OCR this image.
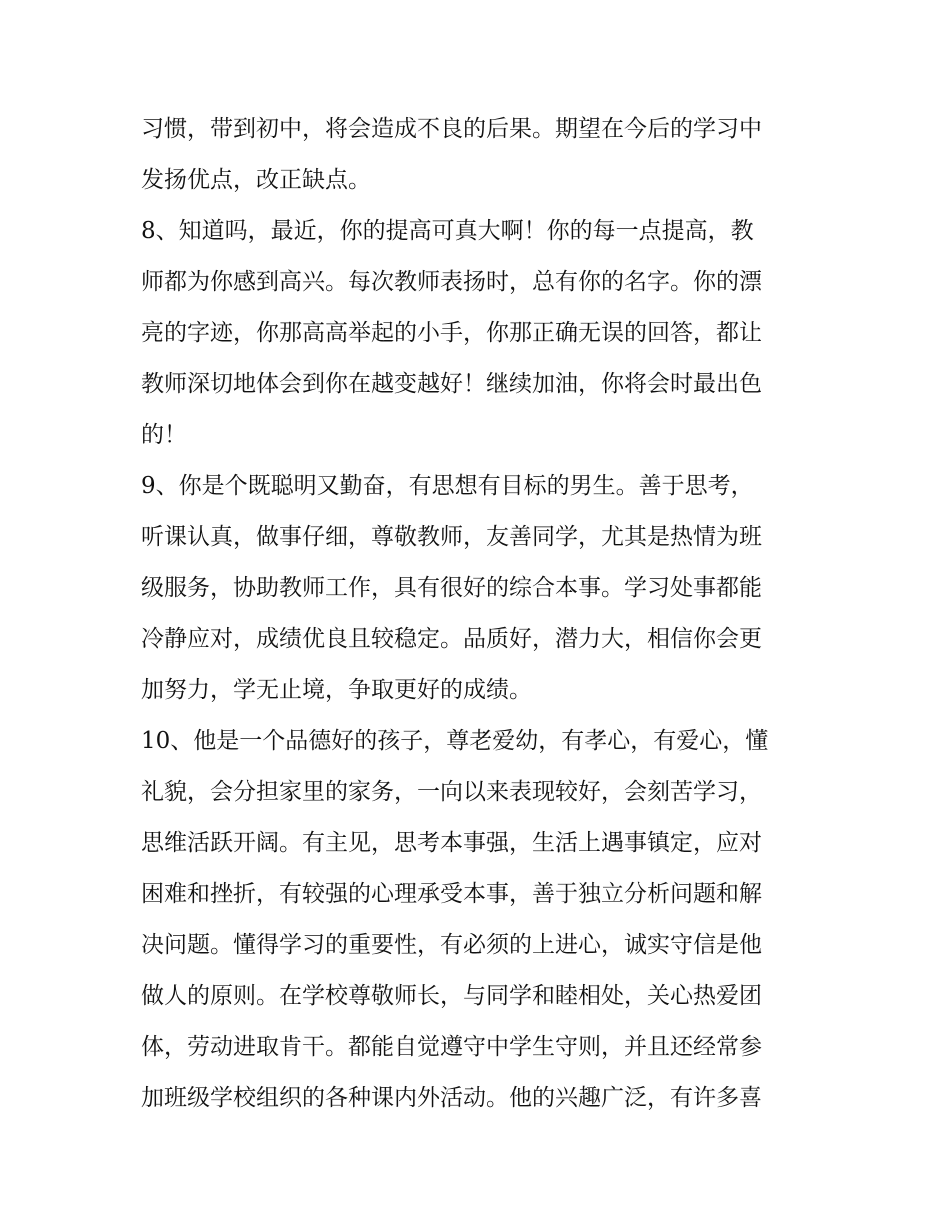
习惯，带到初中，将会造成不良的后果。期望在今后的学习中
发扬优点，改正缺点。
8、知道吗，最近，你的提高可真大啊！你的每一点提高，教
师都为你感到高兴。每次教师表扬时，总有你的名字。你的漂
亮的字迹，你那高高举起的小手，你那正确无误的回答，都让
教师深切地体会到你在越变越好！继续加油，你将会时最出色
的！
9、你是个既聪明又勤奋，有思想有目标的男生。善于思考，
听课认真，做事仔细，尊敬教师，友善同学，尤其是热情为班
级服务，协助教师工作，具有很好的综合本事。学习处事都能
冷静应对，成绩优良且较稳定。品质好，潜力大，相信你会更
加努力，学无止境，争取更好的成绩。
10、他是一个品德好的孩子，尊老爱幼，有孝心，有爱心，懂
礼貌，会分担家里的家务，一向以来表现较好，会刻苦学习，
思维活跃开阔。有主见，思考本事强，生活上遇事镇定，应对
困难和挫折，有较强的心理承受本事，善于独立分析问题和解
决问题。懂得学习的重要性，有必须的上进心，诚实守信是他
做人的原则。在学校尊敬师长，与同学和睦相处，关心热爱团
体，劳动进取肯干。都能自觉遵守中学生守则，并且还经常参
加班级学校组织的各种课内外活动。他的兴趣广泛，有许多喜
